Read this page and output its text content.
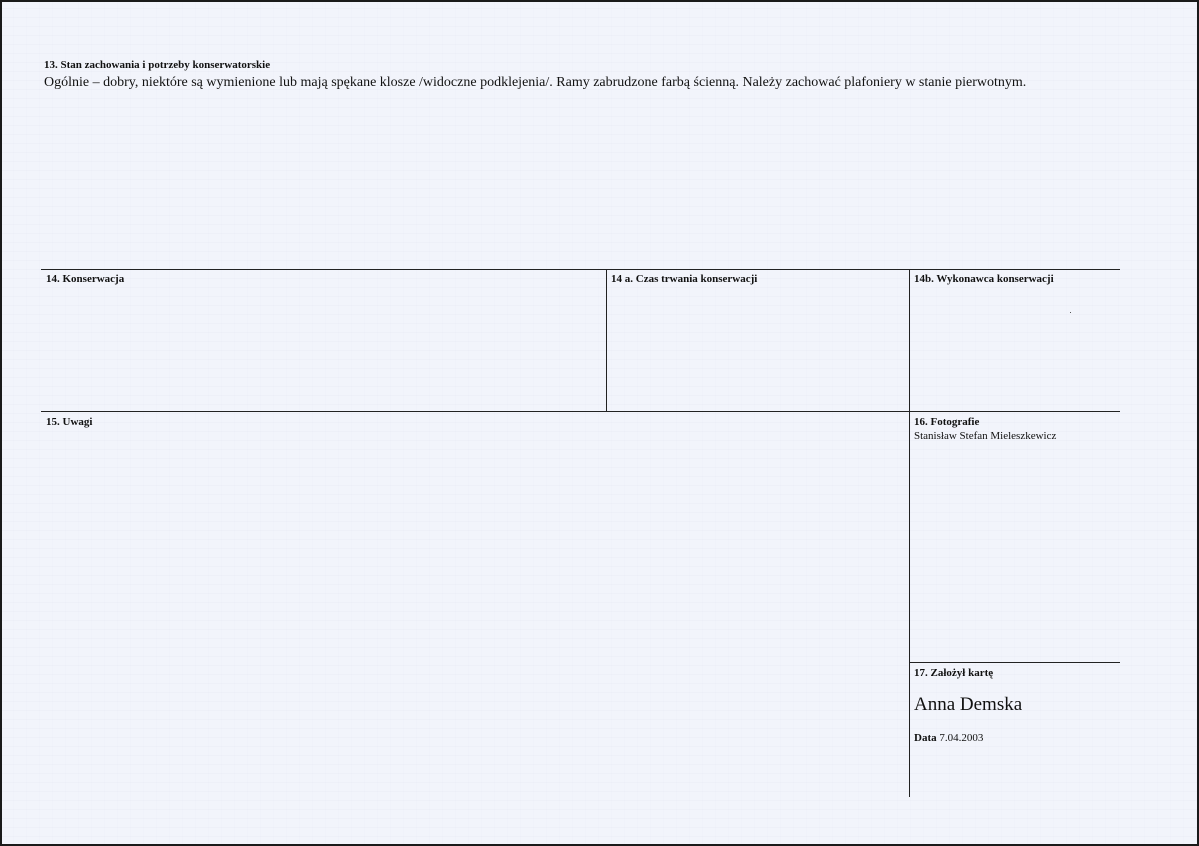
13. Stan zachowania i potrzeby konserwatorskie
Ogólnie – dobry, niektóre są wymienione lub mają spękane klosze /widoczne podklejenia/. Ramy zabrudzone farbą ścienną. Należy zachować plafoniery w stanie pierwotnym.
14. Konserwacja	14 a. Czas trwania konserwacji	14b. Wykonawca konserwacji
15. Uwagi	16. Fotografie
Stanisław Stefan Mieleszkewicz
17. Założył kartę
Anna Demska
Data 7.04.2003
